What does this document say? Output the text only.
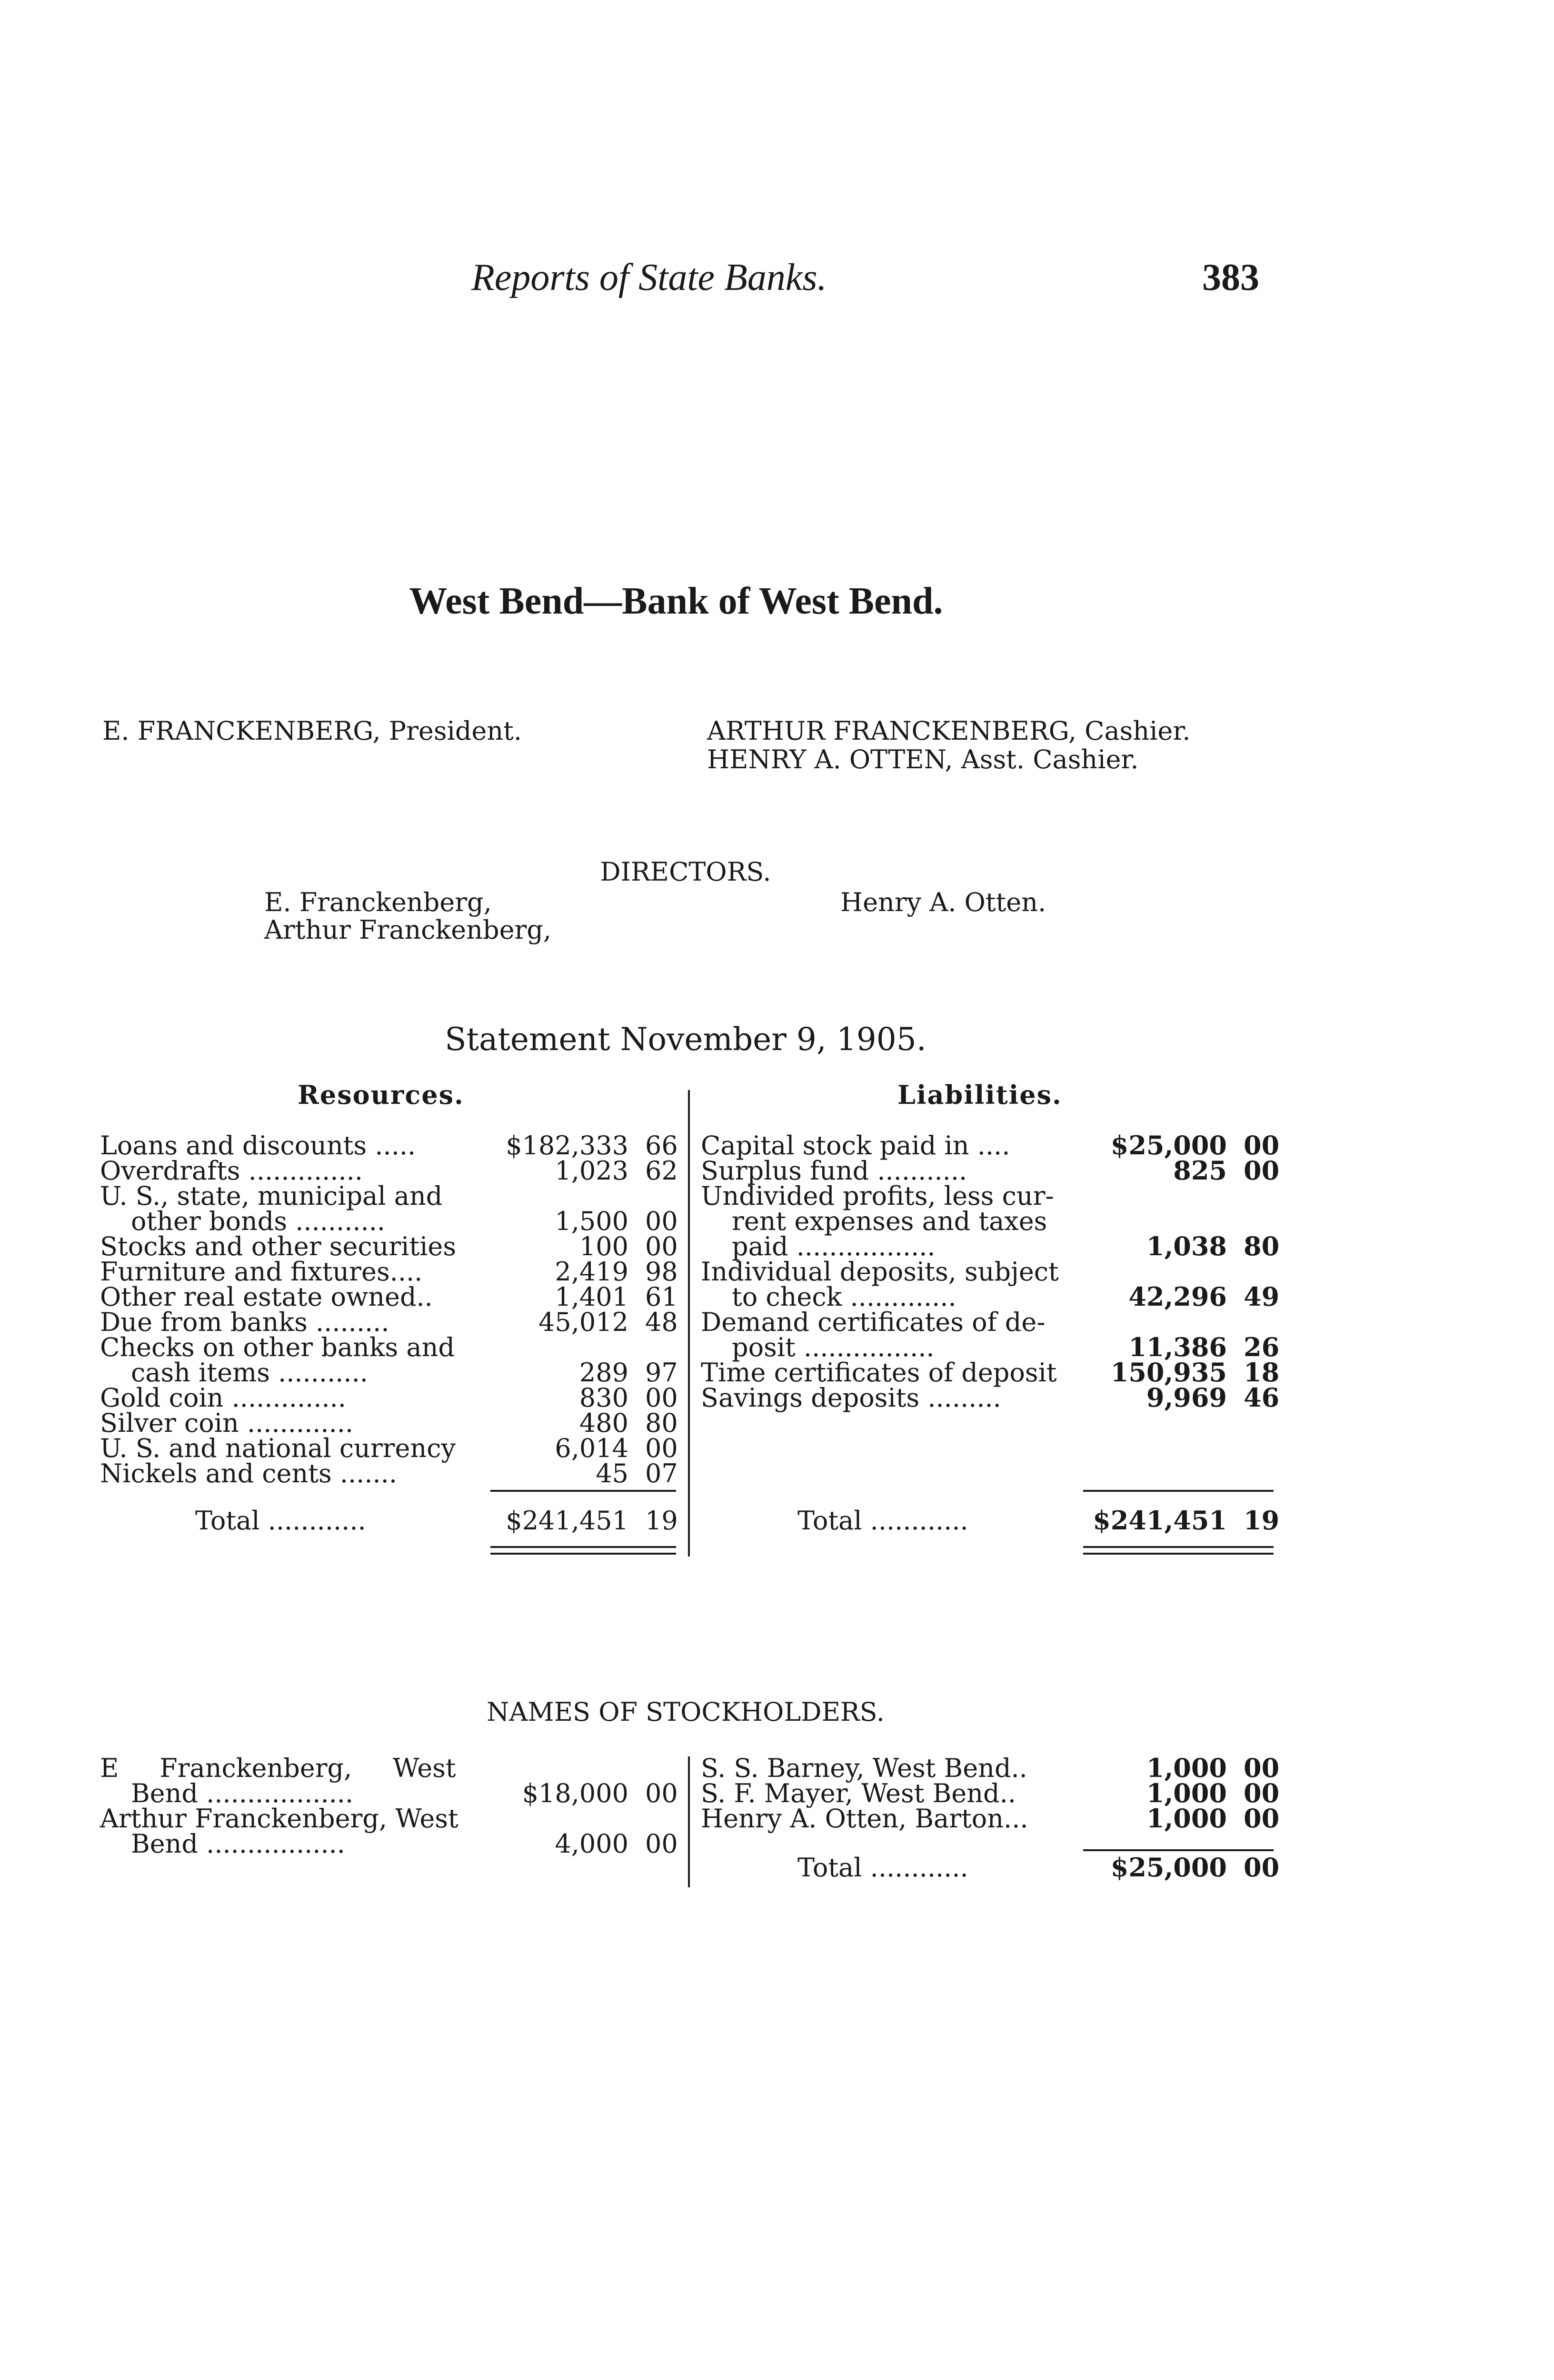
Reports of State Banks.	383
West Bend—Bank of West Bend.
E. FRANCKENBERG, President.	ARTHUR FRANCKENBERG, Cashier.
HENRY A. OTTEN, Asst. Cashier.
DIRECTORS.
E. Franckenberg,
Arthur Franckenberg,
Henry A. Otten.
Statement November 9, 1905.
Resources.	Liabilities.
Loans and discounts .....	$182,333 66
Overdrafts ..............	1,023 62
U. S., state, municipal and
other bonds ...........	1,500 00
Stocks and other securities	100 00
Furniture and fixtures....	2,419 98
Other real estate owned..	1,401 61
Due from banks .........	45,012 48
Checks on other banks and
cash items ...........	289 97
Gold coin ..............	830 00
Silver coin .............	480 80
U. S. and national currency	6,014 00
Nickels and cents .......	45 07
Total ............	$241,451 19
Capital stock paid in ....	$25,000 00
Surplus fund ...........	825 00
Undivided profits, less cur-
rent expenses and taxes
paid .................	1,038 80
Individual deposits, subject
to check .............	42,296 49
Demand certificates of de-
posit ................	11,386 26
Time certificates of deposit 150,935 18
Savings deposits .........	9,969 46
Total ............	$241,451 19
NAMES OF STOCKHOLDERS.
E     Franckenberg,     West
Bend ..................	$18,000 00
Arthur Franckenberg, West
Bend .................	4,000 00
S. S. Barney, West Bend..	1,000 00
S. F. Mayer, West Bend..	1,000 00
Henry A. Otten, Barton...	1,000 00
Total ............	$25,000 00
